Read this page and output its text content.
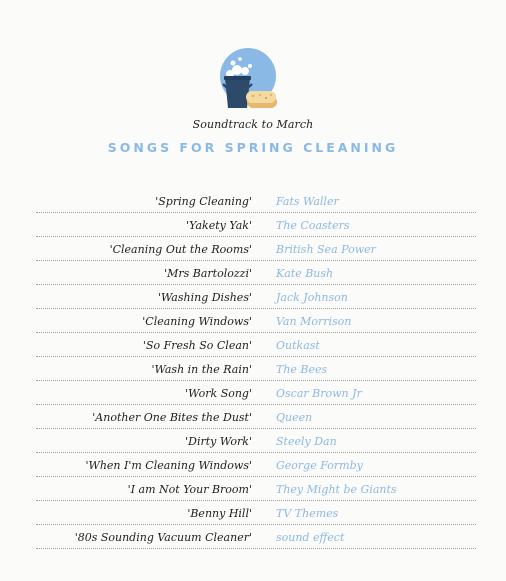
Soundtrack to March
SONGS FOR SPRING CLEANING
'Spring Cleaning' Fats Waller
'Yakety Yak' The Coasters
'Cleaning Out the Rooms' British Sea Power
'Mrs Bartolozzi' Kate Bush
'Washing Dishes' Jack Johnson
'Cleaning Windows' Van Morrison
'So Fresh So Clean' Outkast
'Wash in the Rain' The Bees
'Work Song' Oscar Brown Jr
'Another One Bites the Dust' Queen
'Dirty Work' Steely Dan
'When I'm Cleaning Windows' George Formby
'I am Not Your Broom' They Might be Giants
'Benny Hill' TV Themes
'80s Sounding Vacuum Cleaner' sound effect
